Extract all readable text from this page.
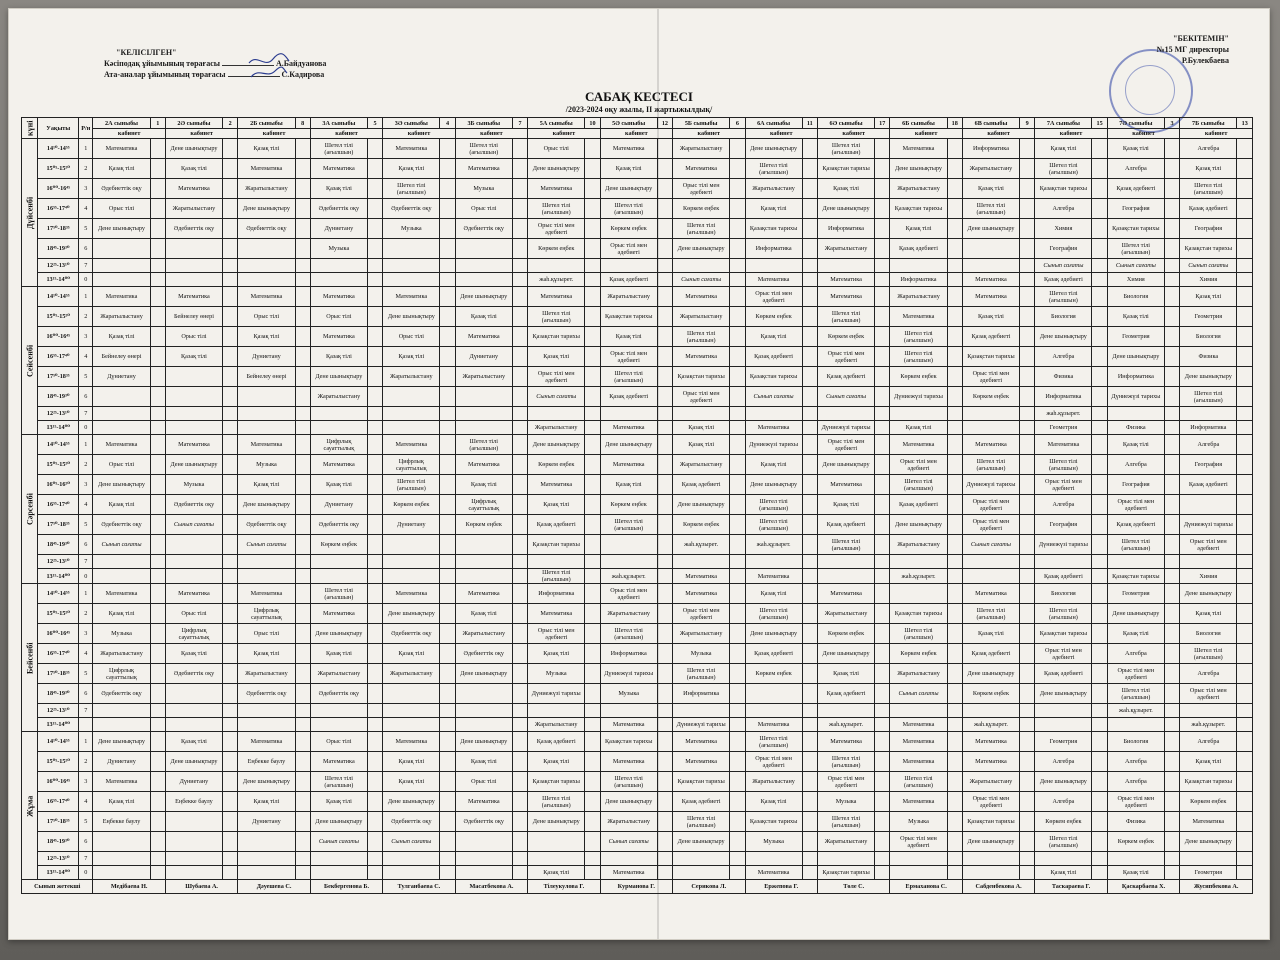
"КЕЛІСІЛГЕН"
Кәсіподақ ұйымының төрағасы	А.Байдуанова
Ата-аналар ұйымының төрағасы	С.Кадирова
"БЕКІТЕМІН"
№15 МГ директоры
Р.Булекбаева
САБАҚ КЕСТЕСІ
/2023-2024 оқу жылы, II жартыжылдық/
күні	Уақыты	Р/н	2А сыныбы	1	2Ә сыныбы	2	2Б сыныбы	8	3А сыныбы	5	3Ә сыныбы	4	3Б сыныбы	7	5А сыныбы	10	5Ә сыныбы	12	5Б сыныбы	6	6А сыныбы	11	6Ә сыныбы	17	6Б сыныбы	18	6В сыныбы	9	7А сыныбы	15	7Ә сыныбы	3	7Б сыныбы	13
			кабинет		кабинет		кабинет		кабинет		кабинет		кабинет		кабинет		кабинет		кабинет		кабинет		кабинет		кабинет		кабинет		кабинет		кабинет		кабинет	
Дүйсенбі	14¹⁰-14⁵⁵	1	Математика		Дене шынықтыру		Қазақ тілі		Шетел тілі (ағылшын)		Математика		Шетел тілі (ағылшын)		Орыс тілі		Математика		Жаратылыстану		Дене шынықтыру		Шетел тілі (ағылшын)		Математика		Информатика		Қазақ тілі		Қазақ тілі		Алгебра	
	15⁰⁵-15⁵⁰	2	Қазақ тілі		Қазақ тілі		Математика		Математика		Қазақ тілі		Математика		Дене шынықтыру		Қазақ тілі		Математика		Шетел тілі (ағылшын)		Қазақстан тарихы		Дене шынықтыру		Жаратылыстану		Шетел тілі (ағылшын)		Алгебра		Қазақ тілі	
	16⁰⁰-16⁴⁵	3	Әдебиеттік оқу		Математика		Жаратылыстану		Қазақ тілі		Шетел тілі (ағылшын)		Музыка		Математика		Дене шынықтыру		Орыс тілі мен әдебиеті		Жаратылыстану		Қазақ тілі		Жаратылыстану		Қазақ тілі		Қазақстан тарихы		Қазақ әдебиеті		Шетел тілі (ағылшын)	
	16⁵⁵-17⁴⁰	4	Орыс тілі		Жаратылыстану		Дене шынықтыру		Әдебиеттік оқу		Әдебиеттік оқу		Орыс тілі		Шетел тілі (ағылшын)		Шетел тілі (ағылшын)		Көркем еңбек		Қазақ тілі		Дене шынықтыру		Қазақстан тарихы		Шетел тілі (ағылшын)		Алгебра		География		Қазақ әдебиеті	
	17⁵⁰-18³⁵	5	Дене шынықтыру		Әдебиеттік оқу		Әдебиеттік оқу		Дүниетану		Музыка		Әдебиеттік оқу		Орыс тілі мен әдебиеті		Көркем еңбек		Шетел тілі (ағылшын)		Қазақстан тарихы		Информатика		Қазақ тілі		Дене шынықтыру		Химия		Қазақстан тарихы		География	
	18⁴⁵-19³⁰	6							Музыка						Көркем еңбек		Орыс тілі мен әдебиеті		Дене шынықтыру		Информатика		Жаратылыстану		Қазақ әдебиеті				География		Шетел тілі (ағылшын)		Қазақстан тарихы	
	12²⁵-13¹⁰	7																											Сынып сағаты		Сынып сағаты		Сынып сағаты	
	13¹⁵-14⁰⁰	0													жаһ.құзырет.		Қазақ әдебиеті		Сынып сағаты		Математика		Математика		Информатика		Математика		Қазақ әдебиеті		Химия		Химия	
Сейсенбі	14¹⁰-14⁵⁵	1	Математика		Математика		Математика		Математика		Математика		Дене шынықтыру		Математика		Жаратылыстану		Математика		Орыс тілі мен әдебиеті		Математика		Жаратылыстану		Математика		Шетел тілі (ағылшын)		Биология		Қазақ тілі	
	15⁰⁵-15⁵⁰	2	Жаратылыстану		Бейнелеу өнері		Орыс тілі		Орыс тілі		Дене шынықтыру		Қазақ тілі		Шетел тілі (ағылшын)		Қазақстан тарихы		Жаратылыстану		Көркем еңбек		Шетел тілі (ағылшын)		Математика		Қазақ тілі		Биология		Қазақ тілі		Геометрия	
	16⁰⁰-16⁴⁵	3	Қазақ тілі		Орыс тілі		Қазақ тілі		Математика		Орыс тілі		Математика		Қазақстан тарихы		Қазақ тілі		Шетел тілі (ағылшын)		Қазақ тілі		Көркем еңбек		Шетел тілі (ағылшын)		Қазақ әдебиеті		Дене шынықтыру		Геометрия		Биология	
	16⁵⁵-17⁴⁰	4	Бейнелеу өнері		Қазақ тілі		Дүниетану		Қазақ тілі		Қазақ тілі		Дүниетану		Қазақ тілі		Орыс тілі мен әдебиеті		Математика		Қазақ әдебиеті		Орыс тілі мен әдебиеті		Шетел тілі (ағылшын)		Қазақстан тарихы		Алгебра		Дене шынықтыру		Физика	
	17⁵⁰-18³⁵	5	Дүниетану				Бейнелеу өнері		Дене шынықтыру		Жаратылыстану		Жаратылыстану		Орыс тілі мен әдебиеті		Шетел тілі (ағылшын)		Қазақстан тарихы		Қазақстан тарихы		Қазақ әдебиеті		Көркем еңбек		Орыс тілі мен әдебиеті		Физика		Информатика		Дене шынықтыру	
	18⁴⁵-19³⁰	6							Жаратылыстану						Сынып сағаты		Қазақ әдебиеті		Орыс тілі мен әдебиеті		Сынып сағаты		Сынып сағаты		Дүниежүзі тарихы		Көркем еңбек		Информатика		Дүниежүзі тарихы		Шетел тілі (ағылшын)	
	12²⁵-13¹⁰	7																											жаһ.құзырет.					
	13¹⁵-14⁰⁰	0													Жаратылыстану		Математика		Қазақ тілі		Математика		Дүниежүзі тарихы		Қазақ тілі				Геометрия		Физика		Информатика	
Сәрсенбі	14¹⁰-14⁵⁵	1	Математика		Математика		Математика		Цифрлық сауаттылық		Математика		Шетел тілі (ағылшын)		Дене шынықтыру		Дене шынықтыру		Қазақ тілі		Дүниежүзі тарихы		Орыс тілі мен әдебиеті		Математика		Математика		Математика		Қазақ тілі		Алгебра	
	15⁰⁵-15⁵⁰	2	Орыс тілі		Дене шынықтыру		Музыка		Математика		Цифрлық сауаттылық		Математика		Көркем еңбек		Математика		Жаратылыстану		Қазақ тілі		Дене шынықтыру		Орыс тілі мен әдебиеті		Шетел тілі (ағылшын)		Шетел тілі (ағылшын)		Алгебра		География	
	16⁰⁵-16⁵⁰	3	Дене шынықтыру		Музыка		Қазақ тілі		Қазақ тілі		Шетел тілі (ағылшын)		Қазақ тілі		Математика		Қазақ тілі		Қазақ әдебиеті		Дене шынықтыру		Математика		Шетел тілі (ағылшын)		Дүниежүзі тарихы		Орыс тілі мен әдебиеті		География		Қазақ әдебиеті	
	16⁵⁵-17⁴⁰	4	Қазақ тілі		Әдебиеттік оқу		Дене шынықтыру		Дүниетану		Көркем еңбек		Цифрлық сауаттылық		Қазақ тілі		Көркем еңбек		Дене шынықтыру		Шетел тілі (ағылшын)		Қазақ тілі		Қазақ әдебиеті		Орыс тілі мен әдебиеті		Алгебра		Орыс тілі мен әдебиеті			
	17⁵⁰-18³⁵	5	Әдебиеттік оқу		Сынып сағаты		Әдебиеттік оқу		Әдебиеттік оқу		Дүниетану		Көркем еңбек		Қазақ әдебиеті		Шетел тілі (ағылшын)		Көркем еңбек		Шетел тілі (ағылшын)		Қазақ әдебиеті		Дене шынықтыру		Орыс тілі мен әдебиеті		География		Қазақ әдебиеті		Дүниежүзі тарихы	
	18⁴⁵-19³⁰	6	Сынып сағаты				Сынып сағаты		Көркем еңбек						Қазақстан тарихы				жаһ.құзырет.		жаһ.құзырет.		Шетел тілі (ағылшын)		Жаратылыстану		Сынып сағаты		Дүниежүзі тарихы		Шетел тілі (ағылшын)		Орыс тілі мен әдебиеті	
	12²⁵-13¹⁰	7																																
	13¹⁵-14⁰⁰	0													Шетел тілі (ағылшын)		жаһ.құзырет.		Математика		Математика				жаһ.құзырет.				Қазақ әдебиеті		Қазақстан тарихы		Химия	
Бейсенбі	14¹⁰-14⁵⁵	1	Математика		Математика		Математика		Шетел тілі (ағылшын)		Математика		Математика		Информатика		Орыс тілі мен әдебиеті		Математика		Қазақ тілі		Математика				Математика		Биология		Геометрия		Дене шынықтыру	
	15⁰⁵-15⁵⁰	2	Қазақ тілі		Орыс тілі		Цифрлық сауаттылық		Математика		Дене шынықтыру		Қазақ тілі		Математика		Жаратылыстану		Орыс тілі мен әдебиеті		Шетел тілі (ағылшын)		Жаратылыстану		Қазақстан тарихы		Шетел тілі (ағылшын)		Шетел тілі (ағылшын)		Дене шынықтыру		Қазақ тілі	
	16⁰⁰-16⁴⁵	3	Музыка		Цифрлық сауаттылық		Орыс тілі		Дене шынықтыру		Әдебиеттік оқу		Жаратылыстану		Орыс тілі мен әдебиеті		Шетел тілі (ағылшын)		Жаратылыстану		Дене шынықтыру		Көркем еңбек		Шетел тілі (ағылшын)		Қазақ тілі		Қазақстан тарихы		Қазақ тілі		Биология	
	16⁵⁵-17⁴⁰	4	Жаратылыстану		Қазақ тілі		Қазақ тілі		Қазақ тілі		Қазақ тілі		Әдебиеттік оқу		Қазақ тілі		Информатика		Музыка		Қазақ әдебиеті		Дене шынықтыру		Көркем еңбек		Қазақ әдебиеті		Орыс тілі мен әдебиеті		Алгебра		Шетел тілі (ағылшын)	
	17⁵⁰-18³⁵	5	Цифрлық сауаттылық		Әдебиеттік оқу		Жаратылыстану		Жаратылыстану		Жаратылыстану		Дене шынықтыру		Музыка		Дүниежүзі тарихы		Шетел тілі (ағылшын)		Көркем еңбек		Қазақ тілі		Жаратылыстану		Дене шынықтыру		Қазақ әдебиеті		Орыс тілі мен әдебиеті		Алгебра	
	18⁴⁵-19³⁰	6	Әдебиеттік оқу				Әдебиеттік оқу		Әдебиеттік оқу						Дүниежүзі тарихы		Музыка		Информатика				Қазақ әдебиеті		Сынып сағаты		Көркем еңбек		Дене шынықтыру		Шетел тілі (ағылшын)		Орыс тілі мен әдебиеті	
	12²⁵-13¹⁰	7																													жаһ.құзырет.			
	13¹⁵-14⁰⁰														Жаратылыстану		Математика		Дүниежүзі тарихы		Математика		жаһ.құзырет.		Математика		жаһ.құзырет.						жаһ.құзырет.	
Жұма	14¹⁰-14⁵⁵	1	Дене шынықтыру		Қазақ тілі		Математика		Орыс тілі		Математика		Дене шынықтыру		Қазақ әдебиеті		Қазақстан тарихы		Математика		Шетел тілі (ағылшын)		Математика		Математика		Математика		Геометрия		Биология		Алгебра	
	15⁰⁵-15⁵⁰	2	Дүниетану		Дене шынықтыру		Еңбекке баулу		Математика		Қазақ тілі		Қазақ тілі		Қазақ тілі		Математика		Математика		Орыс тілі мен әдебиеті		Шетел тілі (ағылшын)		Математика		Математика		Алгебра		Алгебра		Қазақ тілі	
	16⁰⁰-16⁴⁵	3	Математика		Дүниетану		Дене шынықтыру		Шетел тілі (ағылшын)		Қазақ тілі		Орыс тілі		Қазақстан тарихы		Шетел тілі (ағылшын)		Қазақстан тарихы		Жаратылыстану		Орыс тілі мен әдебиеті		Шетел тілі (ағылшын)		Жаратылыстану		Дене шынықтыру		Алгебра		Қазақстан тарихы	
	16⁵⁵-17⁴⁰	4	Қазақ тілі		Еңбекке баулу		Қазақ тілі		Қазақ тілі		Дене шынықтыру		Математика		Шетел тілі (ағылшын)		Дене шынықтыру		Қазақ әдебиеті		Қазақ тілі		Музыка		Математика		Орыс тілі мен әдебиеті		Алгебра		Орыс тілі мен әдебиеті		Көркем еңбек	
	17⁵⁰-18³⁵	5	Еңбекке баулу				Дүниетану		Дене шынықтыру		Әдебиеттік оқу		Әдебиеттік оқу		Дене шынықтыру		Жаратылыстану		Шетел тілі (ағылшын)		Қазақстан тарихы		Шетел тілі (ағылшын)		Музыка		Қазақстан тарихы		Көркем еңбек		Физика		Математика	
	18⁴⁵-19³⁰	6							Сынып сағаты		Сынып сағаты						Сынып сағаты		Дене шынықтыру		Музыка		Жаратылыстану		Орыс тілі мен әдебиеті		Дене шынықтыру		Шетел тілі (ағылшын)		Көркем еңбек		Дене шынықтыру	
	12²⁵-13¹⁰	7																																
	13¹⁵-14⁰⁰	0													Қазақ тілі		Математика				Математика		Қазақстан тарихы						Қазақ тілі		Қазақ тілі		Геометрия	
Сынып жетекші			Медібаева Н.		Шубаева А.		Дәуешева С.		Бекбергенова Б.		Тулганбаева С.		Масатбекова А.		Тілеукулова Г.		Курманова Г.		Серикова Л.		Ержепова Г.		Төле С.		Ермаханова С.		Сабденбекова А.		Таскараева Г.		Қаскарбаева Х.		Жусипбекова А.	
